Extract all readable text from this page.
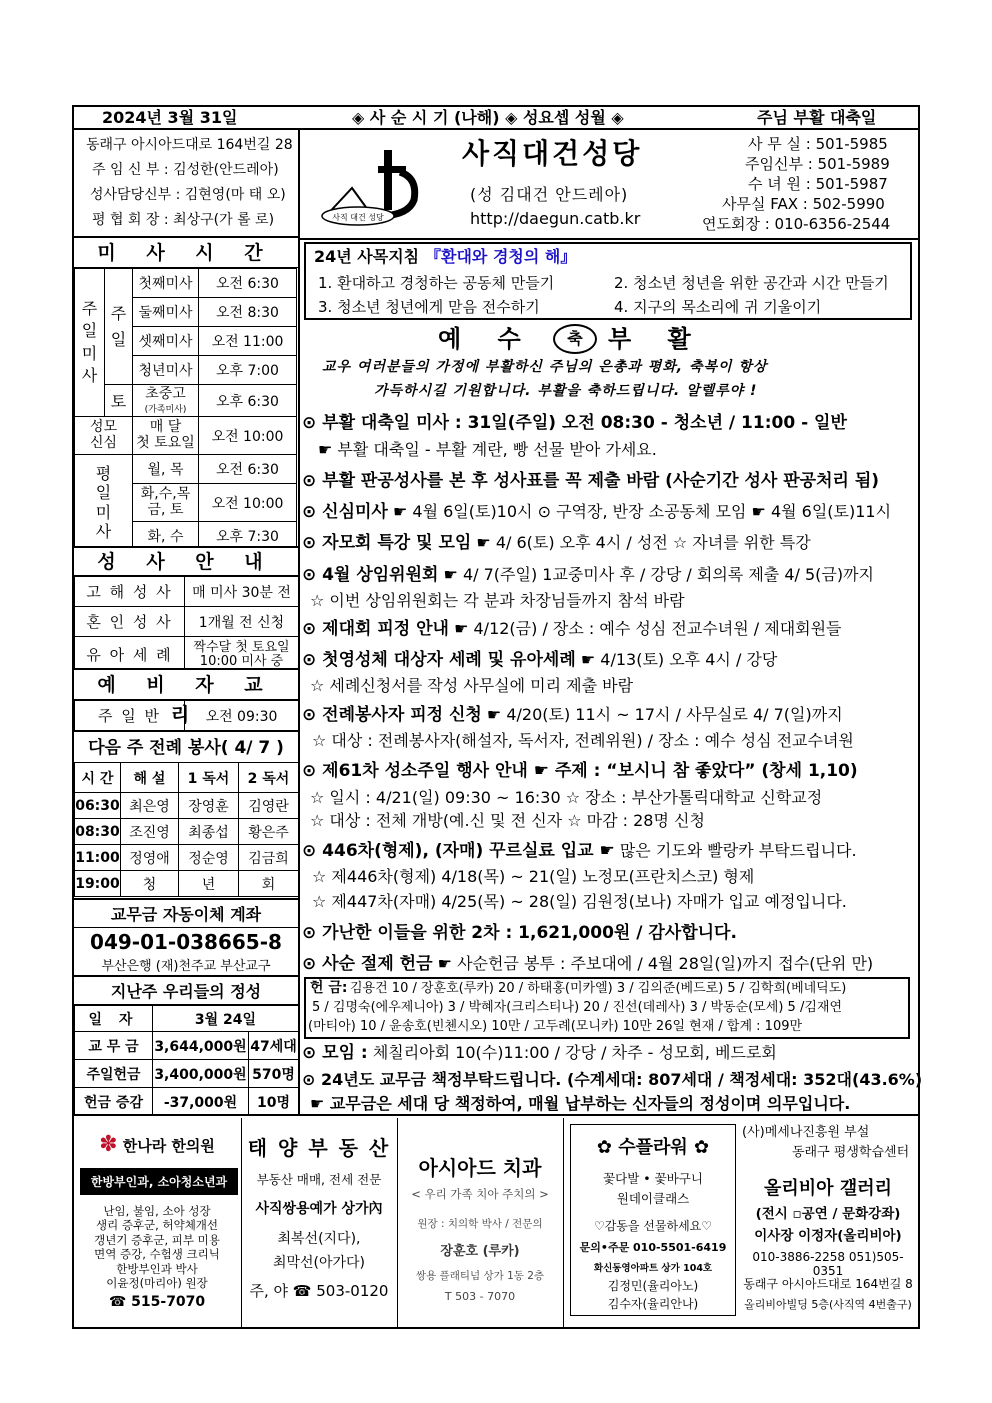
2024년 3월 31일	◈ 사 순 시 기 (나해) ◈ 성요셉 성월 ◈	주님 부활 대축일
동래구 아시아드대로 164번길 28
주 임 신 부 : 김성한(안드레아)
성사담당신부 : 김현영(마 태 오)
평 협 회 장 : 최상구(가 롤 로)	사직 대건 성당
사직대건성당
(성 김대건 안드레아)
http://daegun.catb.kr
사 무 실 : 501-5985
주임신부 : 501-5989
수 녀 원 : 501-5987
사무실 FAX : 502-5990
연도회장 : 010-6356-2544
미 사 시 간
주
일
미
사	주
일	첫째미사	오전 6:30
		둘째미사	오전 8:30
		셋째미사	오전 11:00
		청년미사	오후 7:00
	토	초중고
(가족미사)	오후 6:30
성모
신심		매 달
첫 토요일	오전 10:00
평
일
미
사		월, 목	오전 6:30
		화,수,목
금, 토	오전 10:00
		화, 수	오후 7:30
성 사 안 내
고 해 성 사	매 미사 30분 전
혼 인 성 사	1개월 전 신청
유 아 세 례	짝수달 첫 토요일
10:00 미사 중
예 비 자 교 리
주 일 반	오전 09:30
다음 주 전례 봉사( 4/ 7 )
시 간	해 설	1 독서	2 독서
06:30	최은영	장영훈	김영란
08:30	조진영	최종섭	황은주
11:00	정영애	정순영	김금희
19:00	청	년	회
교무금 자동이체 계좌
049-01-038665-8
부산은행 (재)천주교 부산교구
지난주 우리들의 정성
일 자	3월 24일	
교 무 금	3,644,000원	47세대
주일헌금	3,400,000원	570명
헌금 증감	-37,000원	10명
24년 사목지침 『환대와 경청의 해』
1. 환대하고 경청하는 공동체 만들기	2. 청소년 청년을 위한 공간과 시간 만들기
3. 청소년 청년에게 맏음 전수하기	4. 지구의 목소리에 귀 기울이기
예 수	축	부 활
교우 여러분들의 가정에 부활하신 주님의 은총과 평화, 축복이 항상
가득하시길 기원합니다. 부활을 축하드립니다. 알렐루야 !
⊙ 부활 대축일 미사 : 31일(주일) 오전 08:30 - 청소년 / 11:00 - 일반
☛ 부활 대축일 - 부활 계란, 빵 선물 받아 가세요.
⊙ 부활 판공성사를 본 후 성사표를 꼭 제출 바람 (사순기간 성사 판공처리 됨)
⊙ 신심미사 ☛ 4월 6일(토)10시 ⊙ 구역장, 반장 소공동체 모임 ☛ 4월 6일(토)11시
⊙ 자모회 특강 및 모임 ☛ 4/ 6(토) 오후 4시 / 성전 ☆ 자녀를 위한 특강
⊙ 4월 상임위원회 ☛ 4/ 7(주일) 1교중미사 후 / 강당 / 회의록 제출 4/ 5(금)까지
☆ 이번 상임위원회는 각 분과 차장님들까지 참석 바람
⊙ 제대회 피정 안내 ☛ 4/12(금) / 장소 : 예수 성심 전교수녀원 / 제대회원들
⊙ 첫영성체 대상자 세례 및 유아세례 ☛ 4/13(토) 오후 4시 / 강당
☆ 세례신청서를 작성 사무실에 미리 제출 바람
⊙ 전례봉사자 피정 신청 ☛ 4/20(토) 11시 ~ 17시 / 사무실로 4/ 7(일)까지
☆ 대상 : 전례봉사자(해설자, 독서자, 전례위원) / 장소 : 예수 성심 전교수녀원
⊙ 제61차 성소주일 행사 안내 ☛ 주제 : “보시니 참 좋았다” (창세 1,10)
☆ 일시 : 4/21(일) 09:30 ~ 16:30 ☆ 장소 : 부산가톨릭대학교 신학교정
☆ 대상 : 전체 개방(예.신 및 전 신자 ☆ 마감 : 28명 신청
⊙ 446차(형제), (자매) 꾸르실료 입교 ☛ 많은 기도와 빨랑카 부탁드립니다.
☆ 제446차(형제) 4/18(목) ~ 21(일) 노정모(프란치스코) 형제
☆ 제447차(자매) 4/25(목) ~ 28(일) 김원정(보나) 자매가 입교 예정입니다.
⊙ 가난한 이들을 위한 2차 : 1,621,000원 / 감사합니다.
⊙ 사순 절제 헌금 ☛ 사순헌금 봉투 : 주보대에 / 4월 28일(일)까지 접수(단위 만)
헌 금: 김용건 10 / 장훈호(루카) 20 / 하태홍(미카엘) 3 / 김의준(베드로) 5 / 김학희(베네딕도)
5 / 김명숙(에우제니아) 3 / 박혜자(크리스티나) 20 / 진선(데레사) 3 / 박동순(모세) 5 /김재연
(마티아) 10 / 윤송호(빈첸시오) 10만 / 고두례(모니카) 10만 26일 현재 / 합계 : 109만
⊙ 모임 : 체칠리아회 10(수)11:00 / 강당 / 차주 - 성모회, 베드로회
⊙ 24년도 교무금 책정부탁드립니다. (수계세대: 807세대 / 책정세대: 352대(43.6%)
☛ 교무금은 세대 당 책정하여, 매월 납부하는 신자들의 정성이며 의무입니다.
✽ 한나라 한의원
한방부인과, 소아청소년과
난임, 불임, 소아 성장
생리 증후군, 허약체개선
갱년기 증후군, 피부 미용
면역 증강, 수험생 크리닉
한방부인과 박사
이윤정(마리아) 원장
☎ 515-7070
태 양 부 동 산
부동산 매매, 전세 전문
사직쌍용예가 상가內
최복선(지다),
최막선(아가다)
주, 야 ☎ 503-0120
아시아드 치과
< 우리 가족 치아 주치의 >
원장 : 치의학 박사 / 전문의
장훈호 (루카)
쌍용 플래티넘 상가 1동 2층
T 503 - 7070
✿ 수플라워 ✿
꽃다발 • 꽃바구니
원데이클래스
♡감동을 선물하세요♡
문의•주문 010-5501-6419
화신동영아파트 상가 104호
김정민(율리아노)
김수자(율리안나)
(사)메세나진흥원 부설
동래구 평생학습센터
올리비아 갤러리
(전시 ▫공연 / 문화강좌)
이사장 이정자(올리비아)
010-3886-2258 051)505-0351
동래구 아시아드대로 164번길 8
올리비아빌딩 5층(사직역 4번출구)
